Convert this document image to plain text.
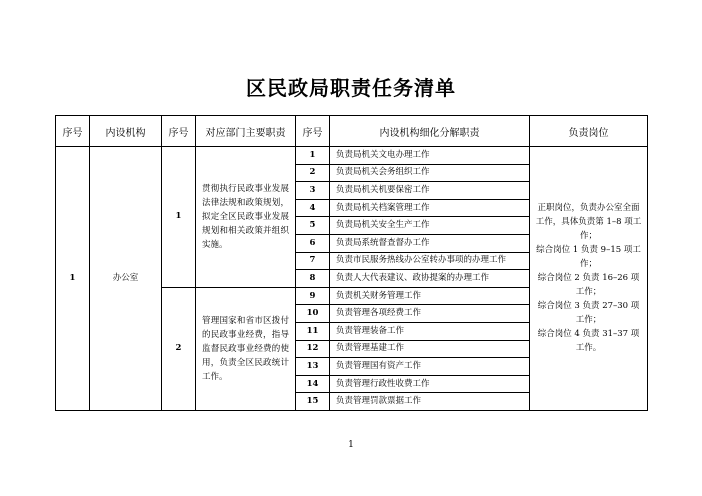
区民政局职责任务清单
序号	内设机构	序号	对应部门主要职责	序号	内设机构细化分解职责	负责岗位
1	办公室	1	贯彻执行民政事业发展法律法规和政策规划，拟定全区民政事业发展规划和相关政策并组织实施。	1	负责局机关文电办理工作	正职岗位，负责办公室全面工作，具体负责第 1–8 项工作；
综合岗位 1 负责 9–15 项工作；
综合岗位 2 负责 16–26 项工作；
综合岗位 3 负责 27–30 项工作；
综合岗位 4 负责 31–37 项工作。

				2	负责局机关会务组织工作	
				3	负责局机关机要保密工作	
				4	负责局机关档案管理工作	
				5	负责局机关安全生产工作	
				6	负责局系统督查督办工作	
				7	负责市民服务热线办公室转办事项的办理工作	
				8	负责人大代表建议、政协提案的办理工作	
		2	管理国家和省市区拨付的民政事业经费，指导监督民政事业经费的使用，负责全区民政统计工作。	9	负责机关财务管理工作	
				10	负责管理各项经费工作	
				11	负责管理装备工作	
				12	负责管理基建工作	
				13	负责管理国有资产工作	
				14	负责管理行政性收费工作	
				15	负责管理罚款票据工作	
1
